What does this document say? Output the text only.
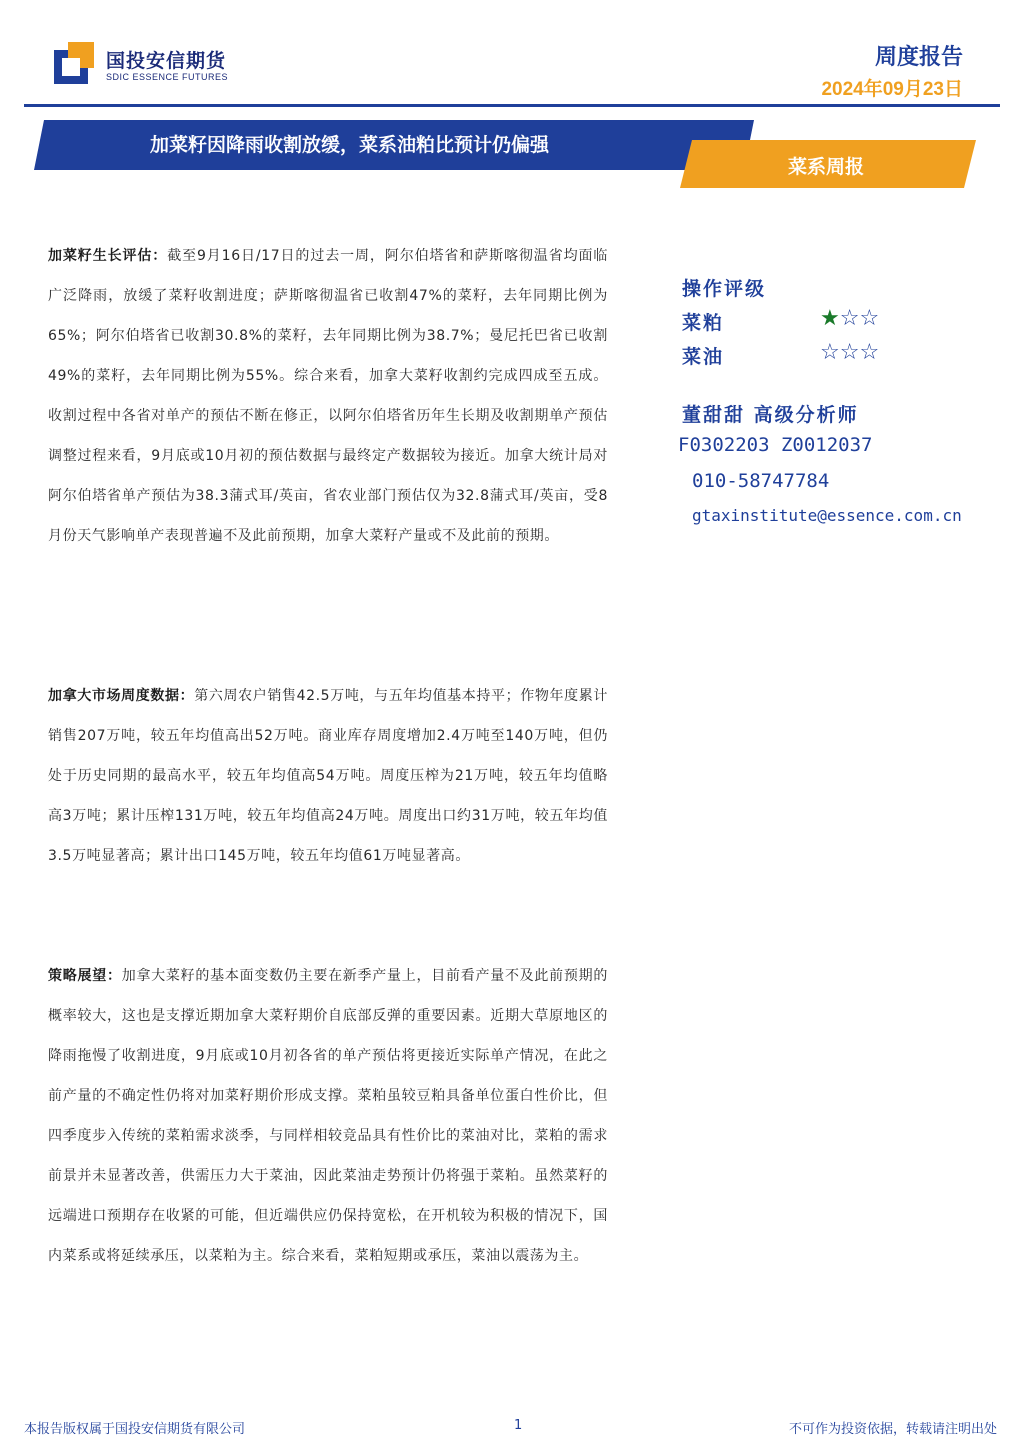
国投安信期货
SDIC ESSENCE FUTURES
周度报告
2024年09月23日
加菜籽因降雨收割放缓，菜系油粕比预计仍偏强
菜系周报
加菜籽生长评估：截至9月16日/17日的过去一周，阿尔伯塔省和萨斯喀彻温省均面临广泛降雨，放缓了菜籽收割进度；萨斯喀彻温省已收割47%的菜籽，去年同期比例为65%；阿尔伯塔省已收割30.8%的菜籽，去年同期比例为38.7%；曼尼托巴省已收割49%的菜籽，去年同期比例为55%。综合来看，加拿大菜籽收割约完成四成至五成。收割过程中各省对单产的预估不断在修正，以阿尔伯塔省历年生长期及收割期单产预估调整过程来看，9月底或10月初的预估数据与最终定产数据较为接近。加拿大统计局对阿尔伯塔省单产预估为38.3蒲式耳/英亩，省农业部门预估仅为32.8蒲式耳/英亩，受8月份天气影响单产表现普遍不及此前预期，加拿大菜籽产量或不及此前的预期。
加拿大市场周度数据：第六周农户销售42.5万吨，与五年均值基本持平；作物年度累计销售207万吨，较五年均值高出52万吨。商业库存周度增加2.4万吨至140万吨，但仍处于历史同期的最高水平，较五年均值高54万吨。周度压榨为21万吨，较五年均值略高3万吨；累计压榨131万吨，较五年均值高24万吨。周度出口约31万吨，较五年均值3.5万吨显著高；累计出口145万吨，较五年均值61万吨显著高。
策略展望：加拿大菜籽的基本面变数仍主要在新季产量上，目前看产量不及此前预期的概率较大，这也是支撑近期加拿大菜籽期价自底部反弹的重要因素。近期大草原地区的降雨拖慢了收割进度，9月底或10月初各省的单产预估将更接近实际单产情况，在此之前产量的不确定性仍将对加菜籽期价形成支撑。菜粕虽较豆粕具备单位蛋白性价比，但四季度步入传统的菜粕需求淡季，与同样相较竞品具有性价比的菜油对比，菜粕的需求前景并未显著改善，供需压力大于菜油，因此菜油走势预计仍将强于菜粕。虽然菜籽的远端进口预期存在收紧的可能，但近端供应仍保持宽松，在开机较为积极的情况下，国内菜系或将延续承压，以菜粕为主。综合来看，菜粕短期或承压，菜油以震荡为主。
操作评级
菜粕	★☆☆
菜油	☆☆☆
董甜甜 高级分析师
F0302203 Z0012037
010-58747784
gtaxinstitute@essence.com.cn
本报告版权属于国投安信期货有限公司	1	不可作为投资依据，转载请注明出处
